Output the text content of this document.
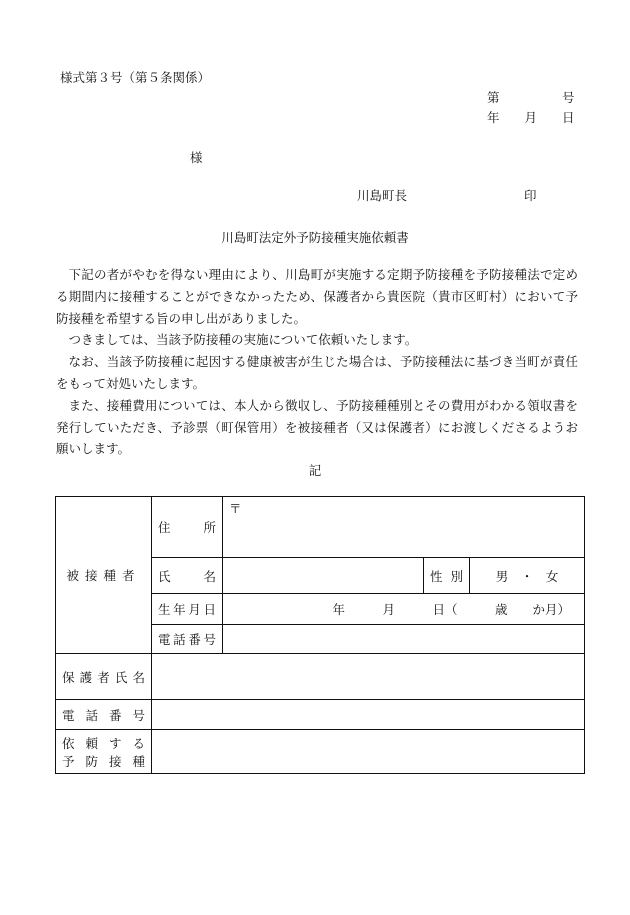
様式第３号（第５条関係）
第　　　　　号
年　　月　　日
様
川島町長	印
川島町法定外予防接種実施依頼書

下記の者がやむを得ない理由により、川島町が実施する定期予防接種を予防接種法で定める期間内に接種することができなかったため、保護者から貴医院（貴市区町村）において予防接種を希望する旨の申し出がありました。

つきましては、当該予防接種の実施について依頼いたします。

なお、当該予防接種に起因する健康被害が生じた場合は、予防接種法に基づき当町が責任をもって対処いたします。

また、接種費用については、本人から徴収し、予防接種種別とその費用がわかる領収書を発行していただき、予診票（町保管用）を被接種者（又は保護者）にお渡しくださるようお願いします。

記
被接種者	住　所	〒		
	氏　名		性別	男　・　女
	生年月日	年　　　月　　　日（　　　歳　　か月）		
	電話番号			
保護者氏名				
電話番号				

依頼する
予防接種				
